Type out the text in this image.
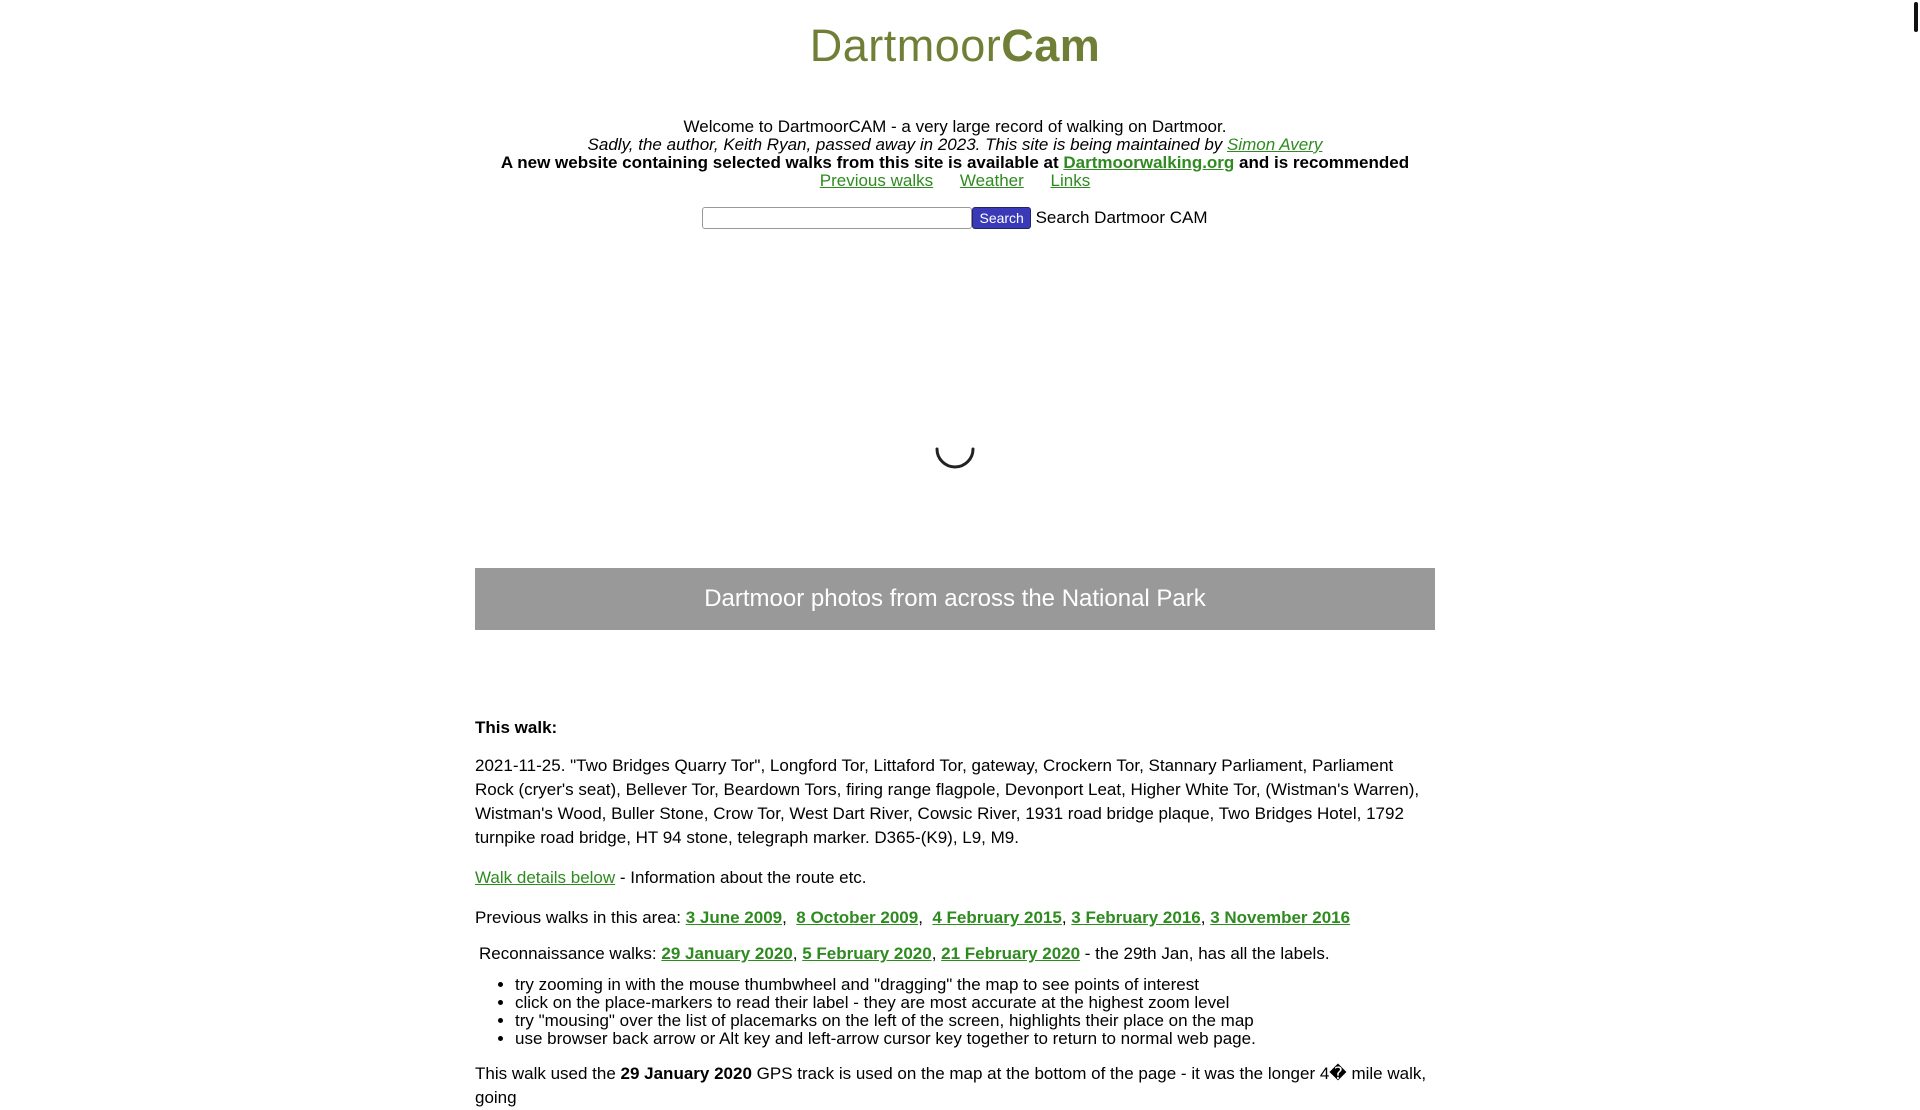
DartmoorCam
Welcome to DartmoorCAM - a very large record of walking on Dartmoor.
Sadly, the author, Keith Ryan, passed away in 2023. This site is being maintained by Simon Avery
A new website containing selected walks from this site is available at Dartmoorwalking.org and is recommended
Previous walks Weather Links
Search Search Dartmoor CAM
Dartmoor photos from across the National Park

This walk:

2021-11-25. "Two Bridges Quarry Tor", Longford Tor, Littaford Tor, gateway, Crockern Tor, Stannary Parliament, Parliament Rock (cryer's seat), Bellever Tor, Beardown Tors, firing range flagpole, Devonport Leat, Higher White Tor, (Wistman's Warren), Wistman's Wood, Buller Stone, Crow Tor, West Dart River, Cowsic River, 1931 road bridge plaque, Two Bridges Hotel, 1792 turnpike road bridge, HT 94 stone, telegraph marker. D365-(K9), L9, M9.

Walk details below - Information about the route etc.

Previous walks in this area: 3 June 2009,  8 October 2009,  4 February 2015, 3 February 2016, 3 November 2016

Reconnaissance walks: 29 January 2020, 5 February 2020, 21 February 2020 - the 29th Jan, has all the labels.

• try zooming in with the mouse thumbwheel and "dragging" the map to see points of interest
• click on the place-markers to read their label - they are most accurate at the highest zoom level
• try "mousing" over the list of placemarks on the left of the screen, highlights their place on the map
• use browser back arrow or Alt key and left-arrow cursor key together to return to normal web page.

This walk used the 29 January 2020 GPS track is used on the map at the bottom of the page - it was the longer 4� mile walk, going
